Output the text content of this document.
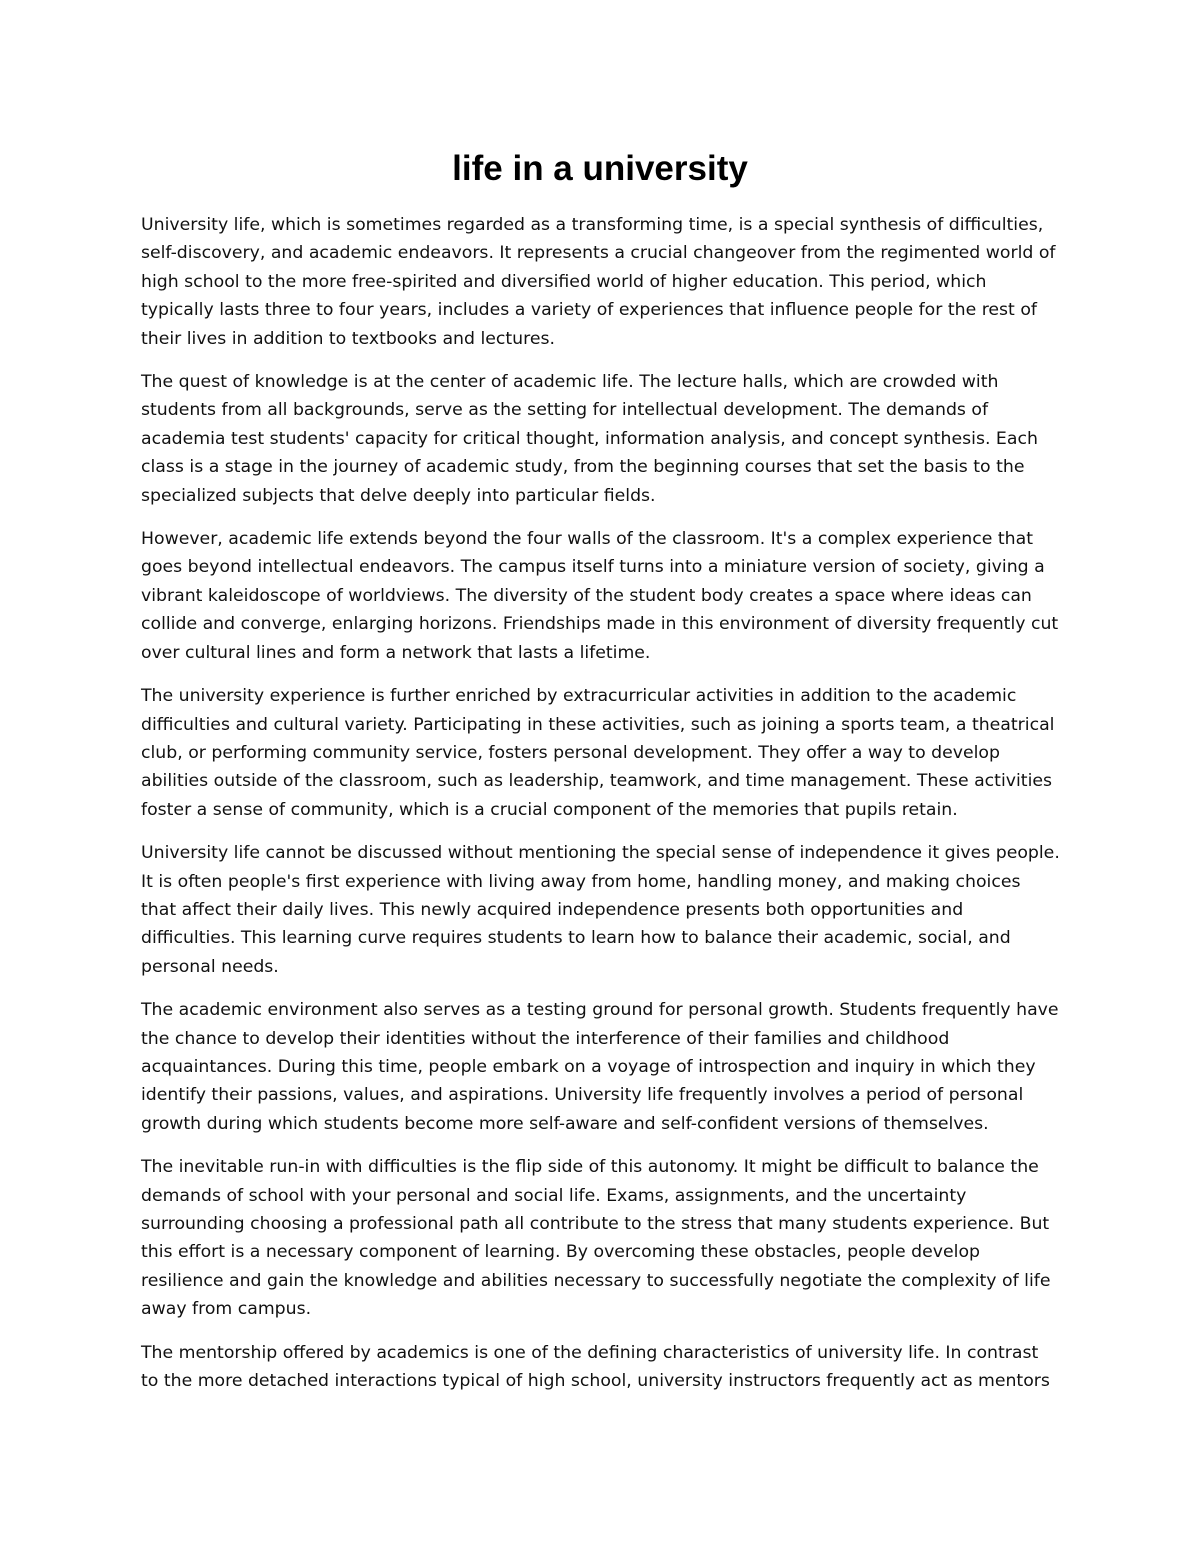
life in a university

University life, which is sometimes regarded as a transforming time, is a special synthesis of difficulties, self-discovery, and academic endeavors. It represents a crucial changeover from the regimented world of high school to the more free-spirited and diversified world of higher education. This period, which typically lasts three to four years, includes a variety of experiences that influence people for the rest of their lives in addition to textbooks and lectures.

The quest of knowledge is at the center of academic life. The lecture halls, which are crowded with students from all backgrounds, serve as the setting for intellectual development. The demands of academia test students' capacity for critical thought, information analysis, and concept synthesis. Each class is a stage in the journey of academic study, from the beginning courses that set the basis to the specialized subjects that delve deeply into particular fields.

However, academic life extends beyond the four walls of the classroom. It's a complex experience that goes beyond intellectual endeavors. The campus itself turns into a miniature version of society, giving a vibrant kaleidoscope of worldviews. The diversity of the student body creates a space where ideas can collide and converge, enlarging horizons. Friendships made in this environment of diversity frequently cut over cultural lines and form a network that lasts a lifetime.

The university experience is further enriched by extracurricular activities in addition to the academic difficulties and cultural variety. Participating in these activities, such as joining a sports team, a theatrical club, or performing community service, fosters personal development. They offer a way to develop abilities outside of the classroom, such as leadership, teamwork, and time management. These activities foster a sense of community, which is a crucial component of the memories that pupils retain.

University life cannot be discussed without mentioning the special sense of independence it gives people. It is often people's first experience with living away from home, handling money, and making choices that affect their daily lives. This newly acquired independence presents both opportunities and difficulties. This learning curve requires students to learn how to balance their academic, social, and personal needs.

The academic environment also serves as a testing ground for personal growth. Students frequently have the chance to develop their identities without the interference of their families and childhood acquaintances. During this time, people embark on a voyage of introspection and inquiry in which they identify their passions, values, and aspirations. University life frequently involves a period of personal growth during which students become more self-aware and self-confident versions of themselves.

The inevitable run-in with difficulties is the flip side of this autonomy. It might be difficult to balance the demands of school with your personal and social life. Exams, assignments, and the uncertainty surrounding choosing a professional path all contribute to the stress that many students experience. But this effort is a necessary component of learning. By overcoming these obstacles, people develop resilience and gain the knowledge and abilities necessary to successfully negotiate the complexity of life away from campus.

The mentorship offered by academics is one of the defining characteristics of university life. In contrast to the more detached interactions typical of high school, university instructors frequently act as mentors
